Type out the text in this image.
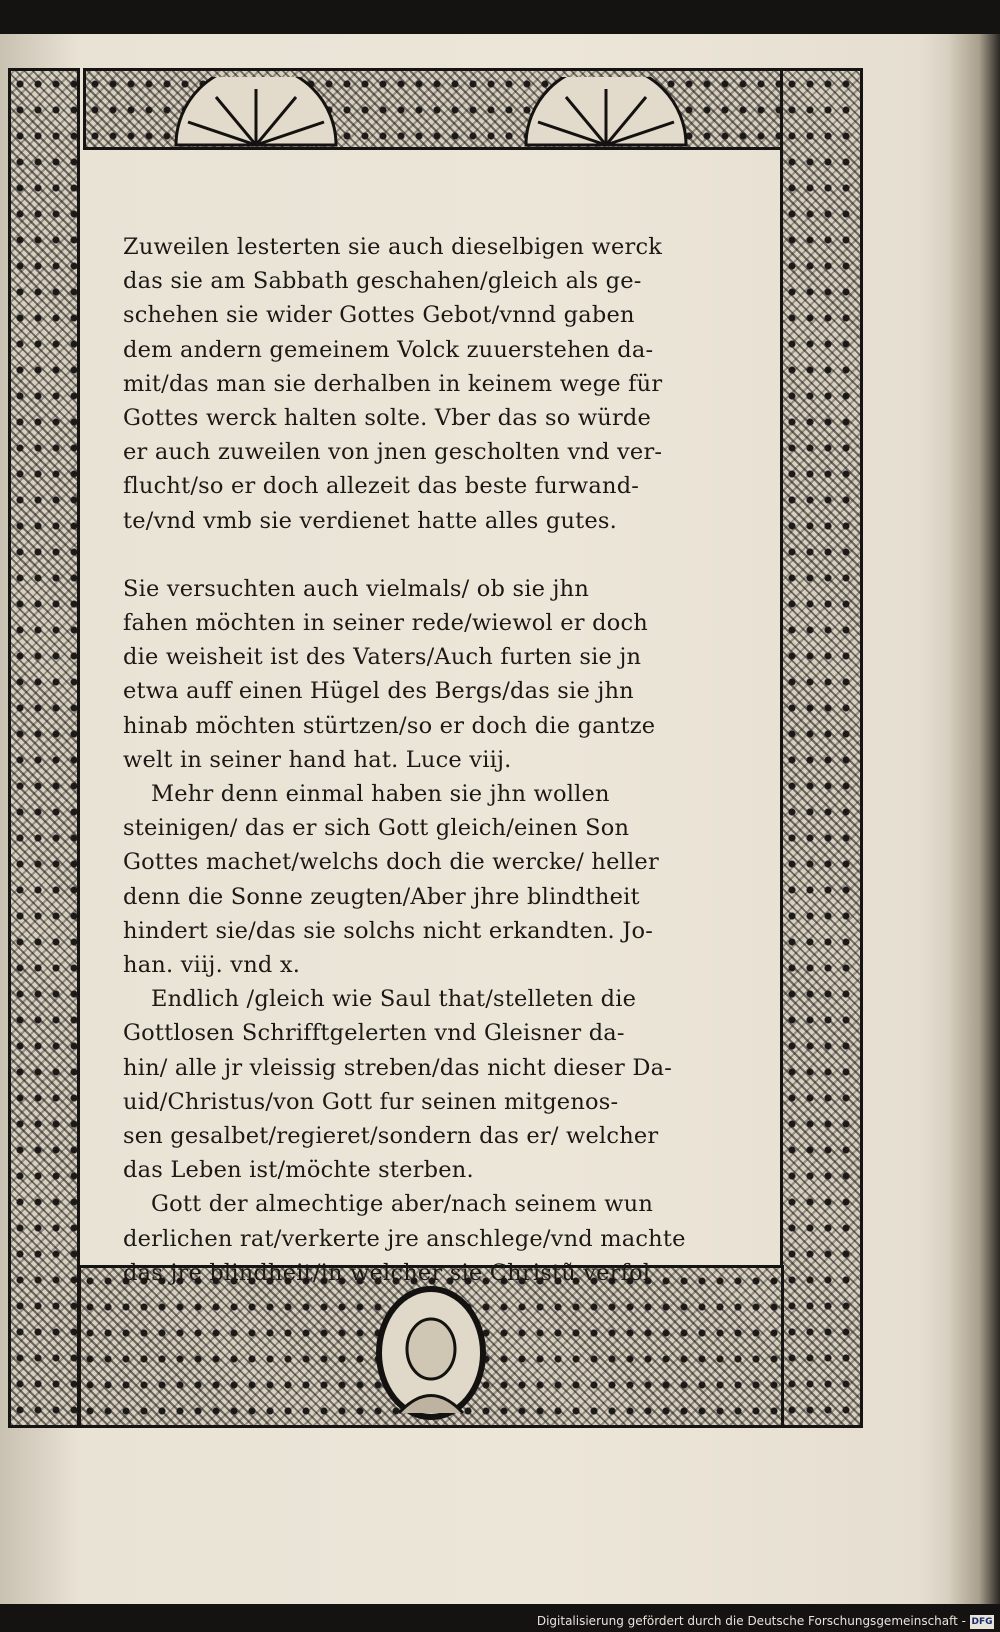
Zuweilen lesterten sie auch dieselbigen werck
das sie am Sabbath geschahen/gleich als ge-
schehen sie wider Gottes Gebot/vnnd gaben
dem andern gemeinem Volck zuuerstehen da-
mit/das man sie derhalben in keinem wege für
Gottes werck halten solte. Vber das so würde
er auch zuweilen von jnen gescholten vnd ver-
flucht/so er doch allezeit das beste furwand-
te/vnd vmb sie verdienet hatte alles gutes.
Sie versuchten auch vielmals/ ob sie jhn
fahen möchten in seiner rede/wiewol er doch
die weisheit ist des Vaters/Auch furten sie jn
etwa auff einen Hügel des Bergs/das sie jhn
hinab möchten stürtzen/so er doch die gantze
welt in seiner hand hat. Luce viij.
Mehr denn einmal haben sie jhn wollen
steinigen/ das er sich Gott gleich/einen Son
Gottes machet/welchs doch die wercke/ heller
denn die Sonne zeugten/Aber jhre blindtheit
hindert sie/das sie solchs nicht erkandten. Jo-
han. viij. vnd x.
Endlich /gleich wie Saul that/stelleten die
Gottlosen Schrifftgelerten vnd Gleisner da-
hin/ alle jr vleissig streben/das nicht dieser Da-
uid/Christus/von Gott fur seinen mitgenos-
sen gesalbet/regieret/sondern das er/ welcher
das Leben ist/möchte sterben.
Gott der almechtige aber/nach seinem wun
derlichen rat/verkerte jre anschlege/vnd machte
das jre blindheit/in welcher sie Christũ verfol
Digitalisierung gefördert durch die Deutsche Forschungsgemeinschaft - DFG
